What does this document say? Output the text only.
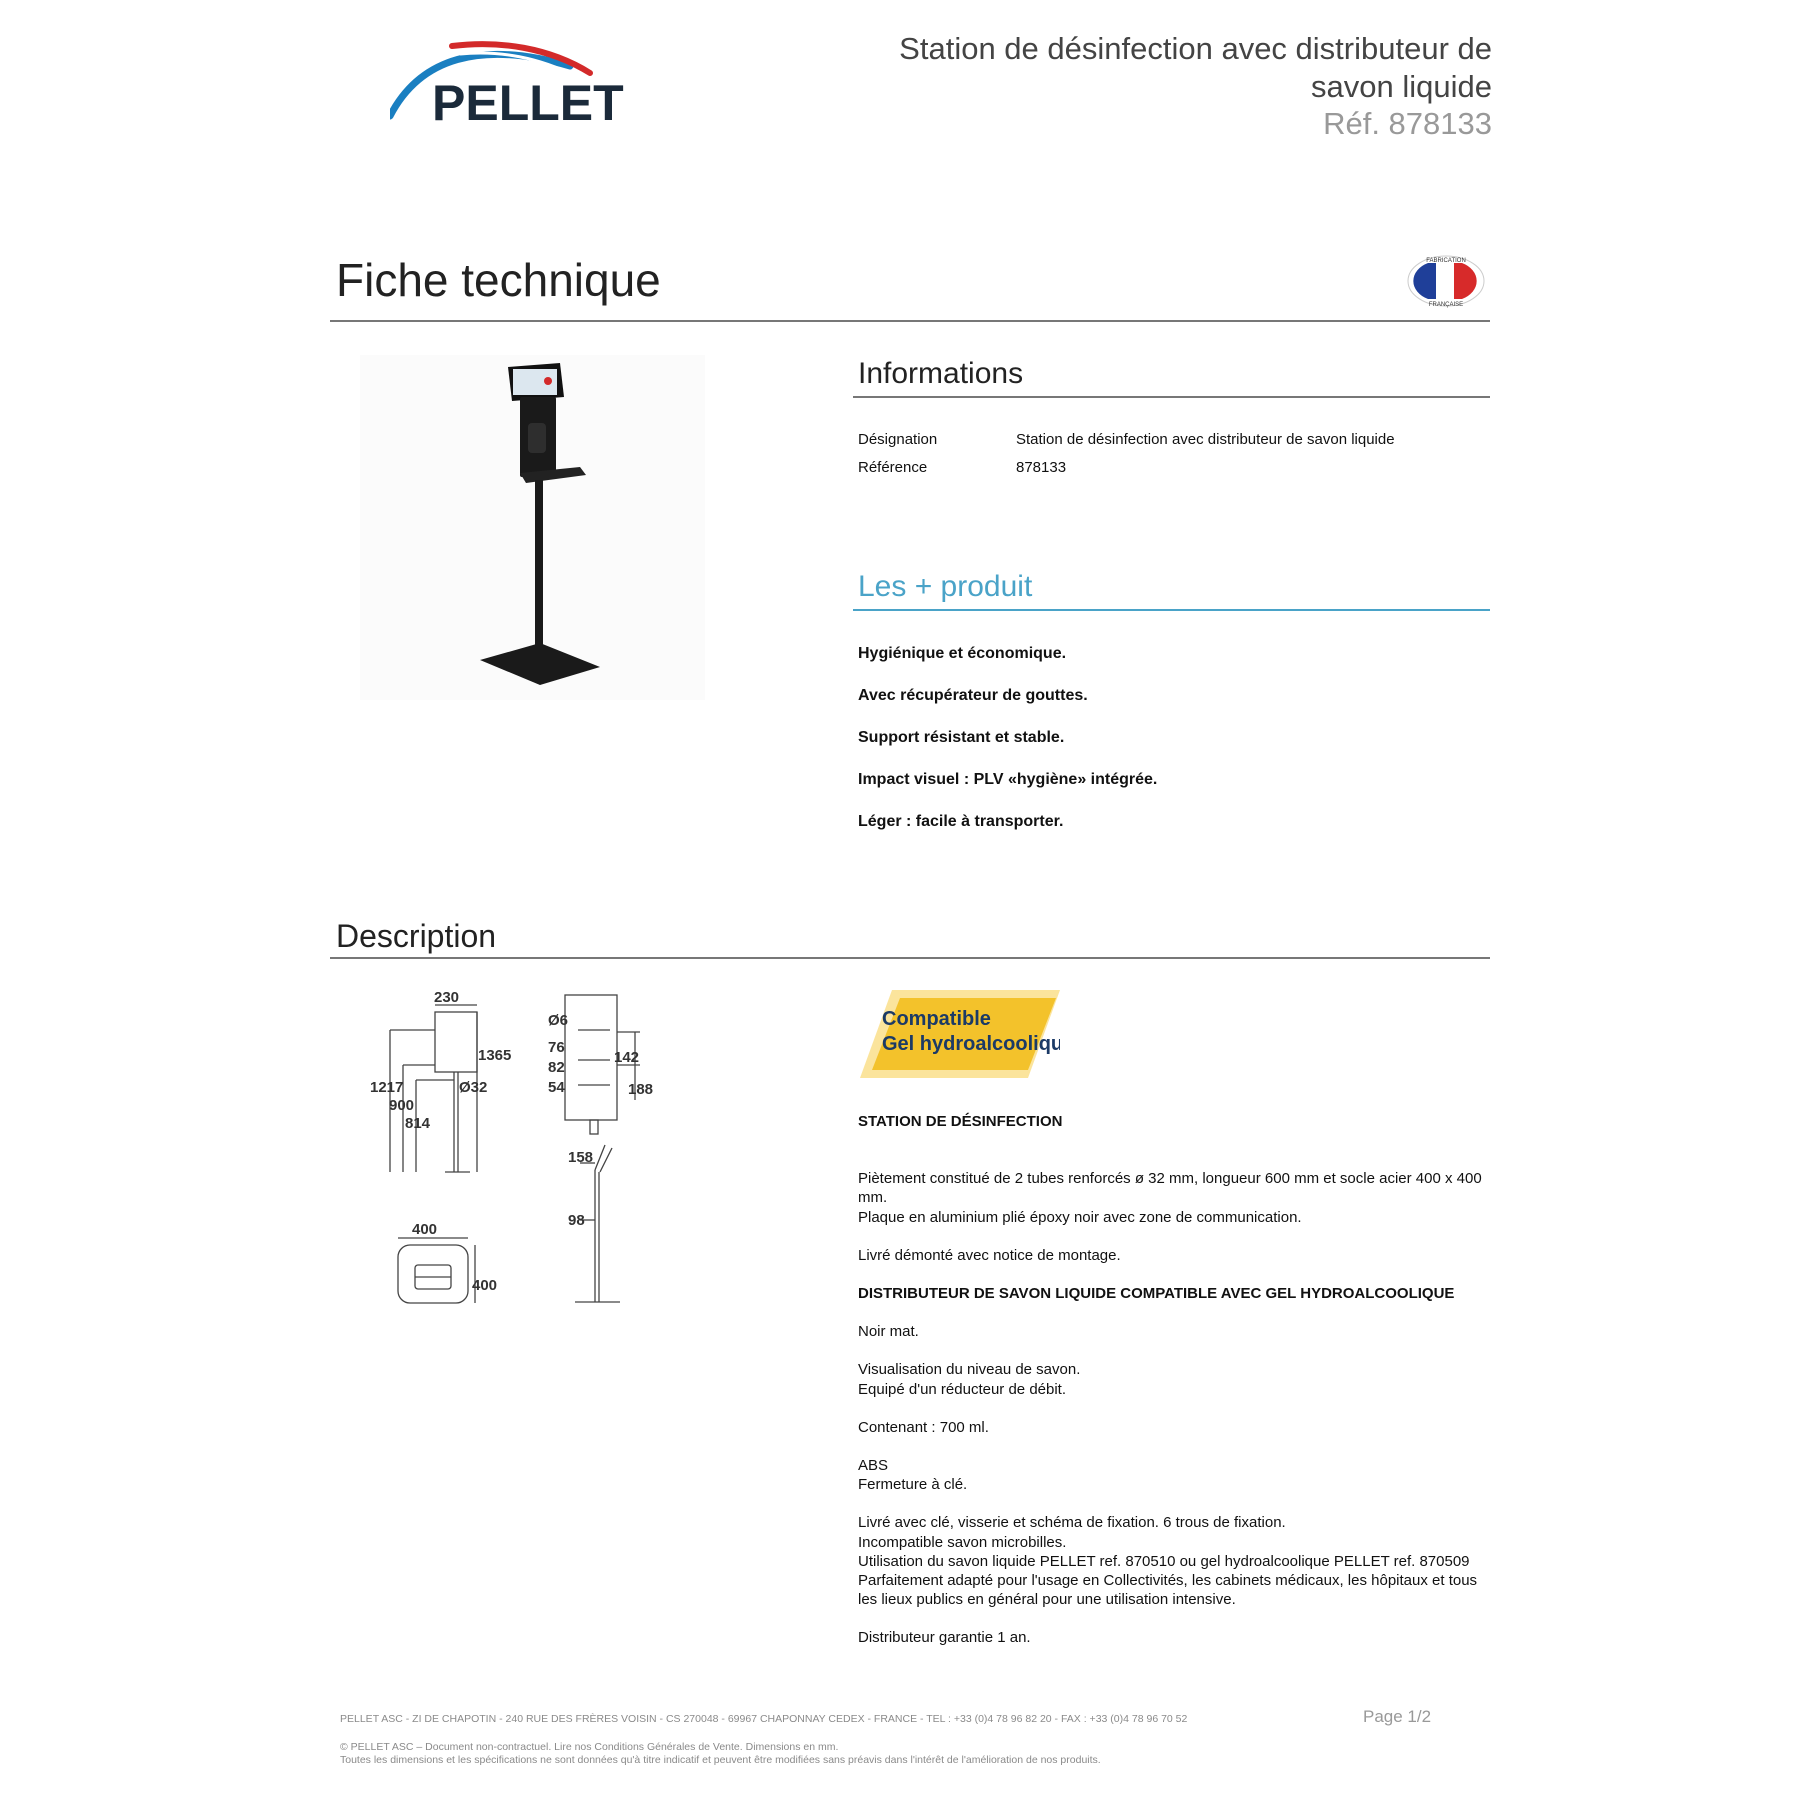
PELLET
Station de désinfection avec distributeur de savon liquide
Réf. 878133
Fiche technique	FABRICATION
FRANÇAISE
Informations
Désignation	Station de désinfection avec distributeur de savon liquide
Référence	878133
Les + produit
Hygiénique et économique.
Avec récupérateur de gouttes.
Support résistant et stable.
Impact visuel : PLV «hygiène» intégrée.
Léger : facile à transporter.
Description
230
1365
1217	Ø32
900
814
Ø6
76
82
54
142
188
158
98
400
400
Compatible
Gel hydroalcoolique

STATION DE DÉSINFECTION

Piètement constitué de 2 tubes renforcés ø 32 mm, longueur 600 mm et socle acier 400 x 400 mm.
Plaque en aluminium plié époxy noir avec zone de communication.

Livré démonté avec notice de montage.

DISTRIBUTEUR DE SAVON LIQUIDE COMPATIBLE AVEC GEL HYDROALCOOLIQUE

Noir mat.

Visualisation du niveau de savon.
Equipé d'un réducteur de débit.

Contenant : 700 ml.

ABS
Fermeture à clé.

Livré avec clé, visserie et schéma de fixation. 6 trous de fixation.
Incompatible savon microbilles.
Utilisation du savon liquide PELLET ref. 870510 ou gel hydroalcoolique PELLET ref. 870509
Parfaitement adapté pour l'usage en Collectivités, les cabinets médicaux, les hôpitaux et tous les lieux publics en général pour une utilisation intensive.

Distributeur garantie 1 an.

PELLET ASC - ZI DE CHAPOTIN - 240 RUE DES FRÈRES VOISIN - CS 270048 - 69967 CHAPONNAY CEDEX - FRANCE - TEL : +33 (0)4 78 96 82 20 - FAX : +33 (0)4 78 96 70 52	Page 1/2
© PELLET ASC – Document non-contractuel. Lire nos Conditions Générales de Vente. Dimensions en mm.
Toutes les dimensions et les spécifications ne sont données qu'à titre indicatif et peuvent être modifiées sans préavis dans l'intérêt de l'amélioration de nos produits.
